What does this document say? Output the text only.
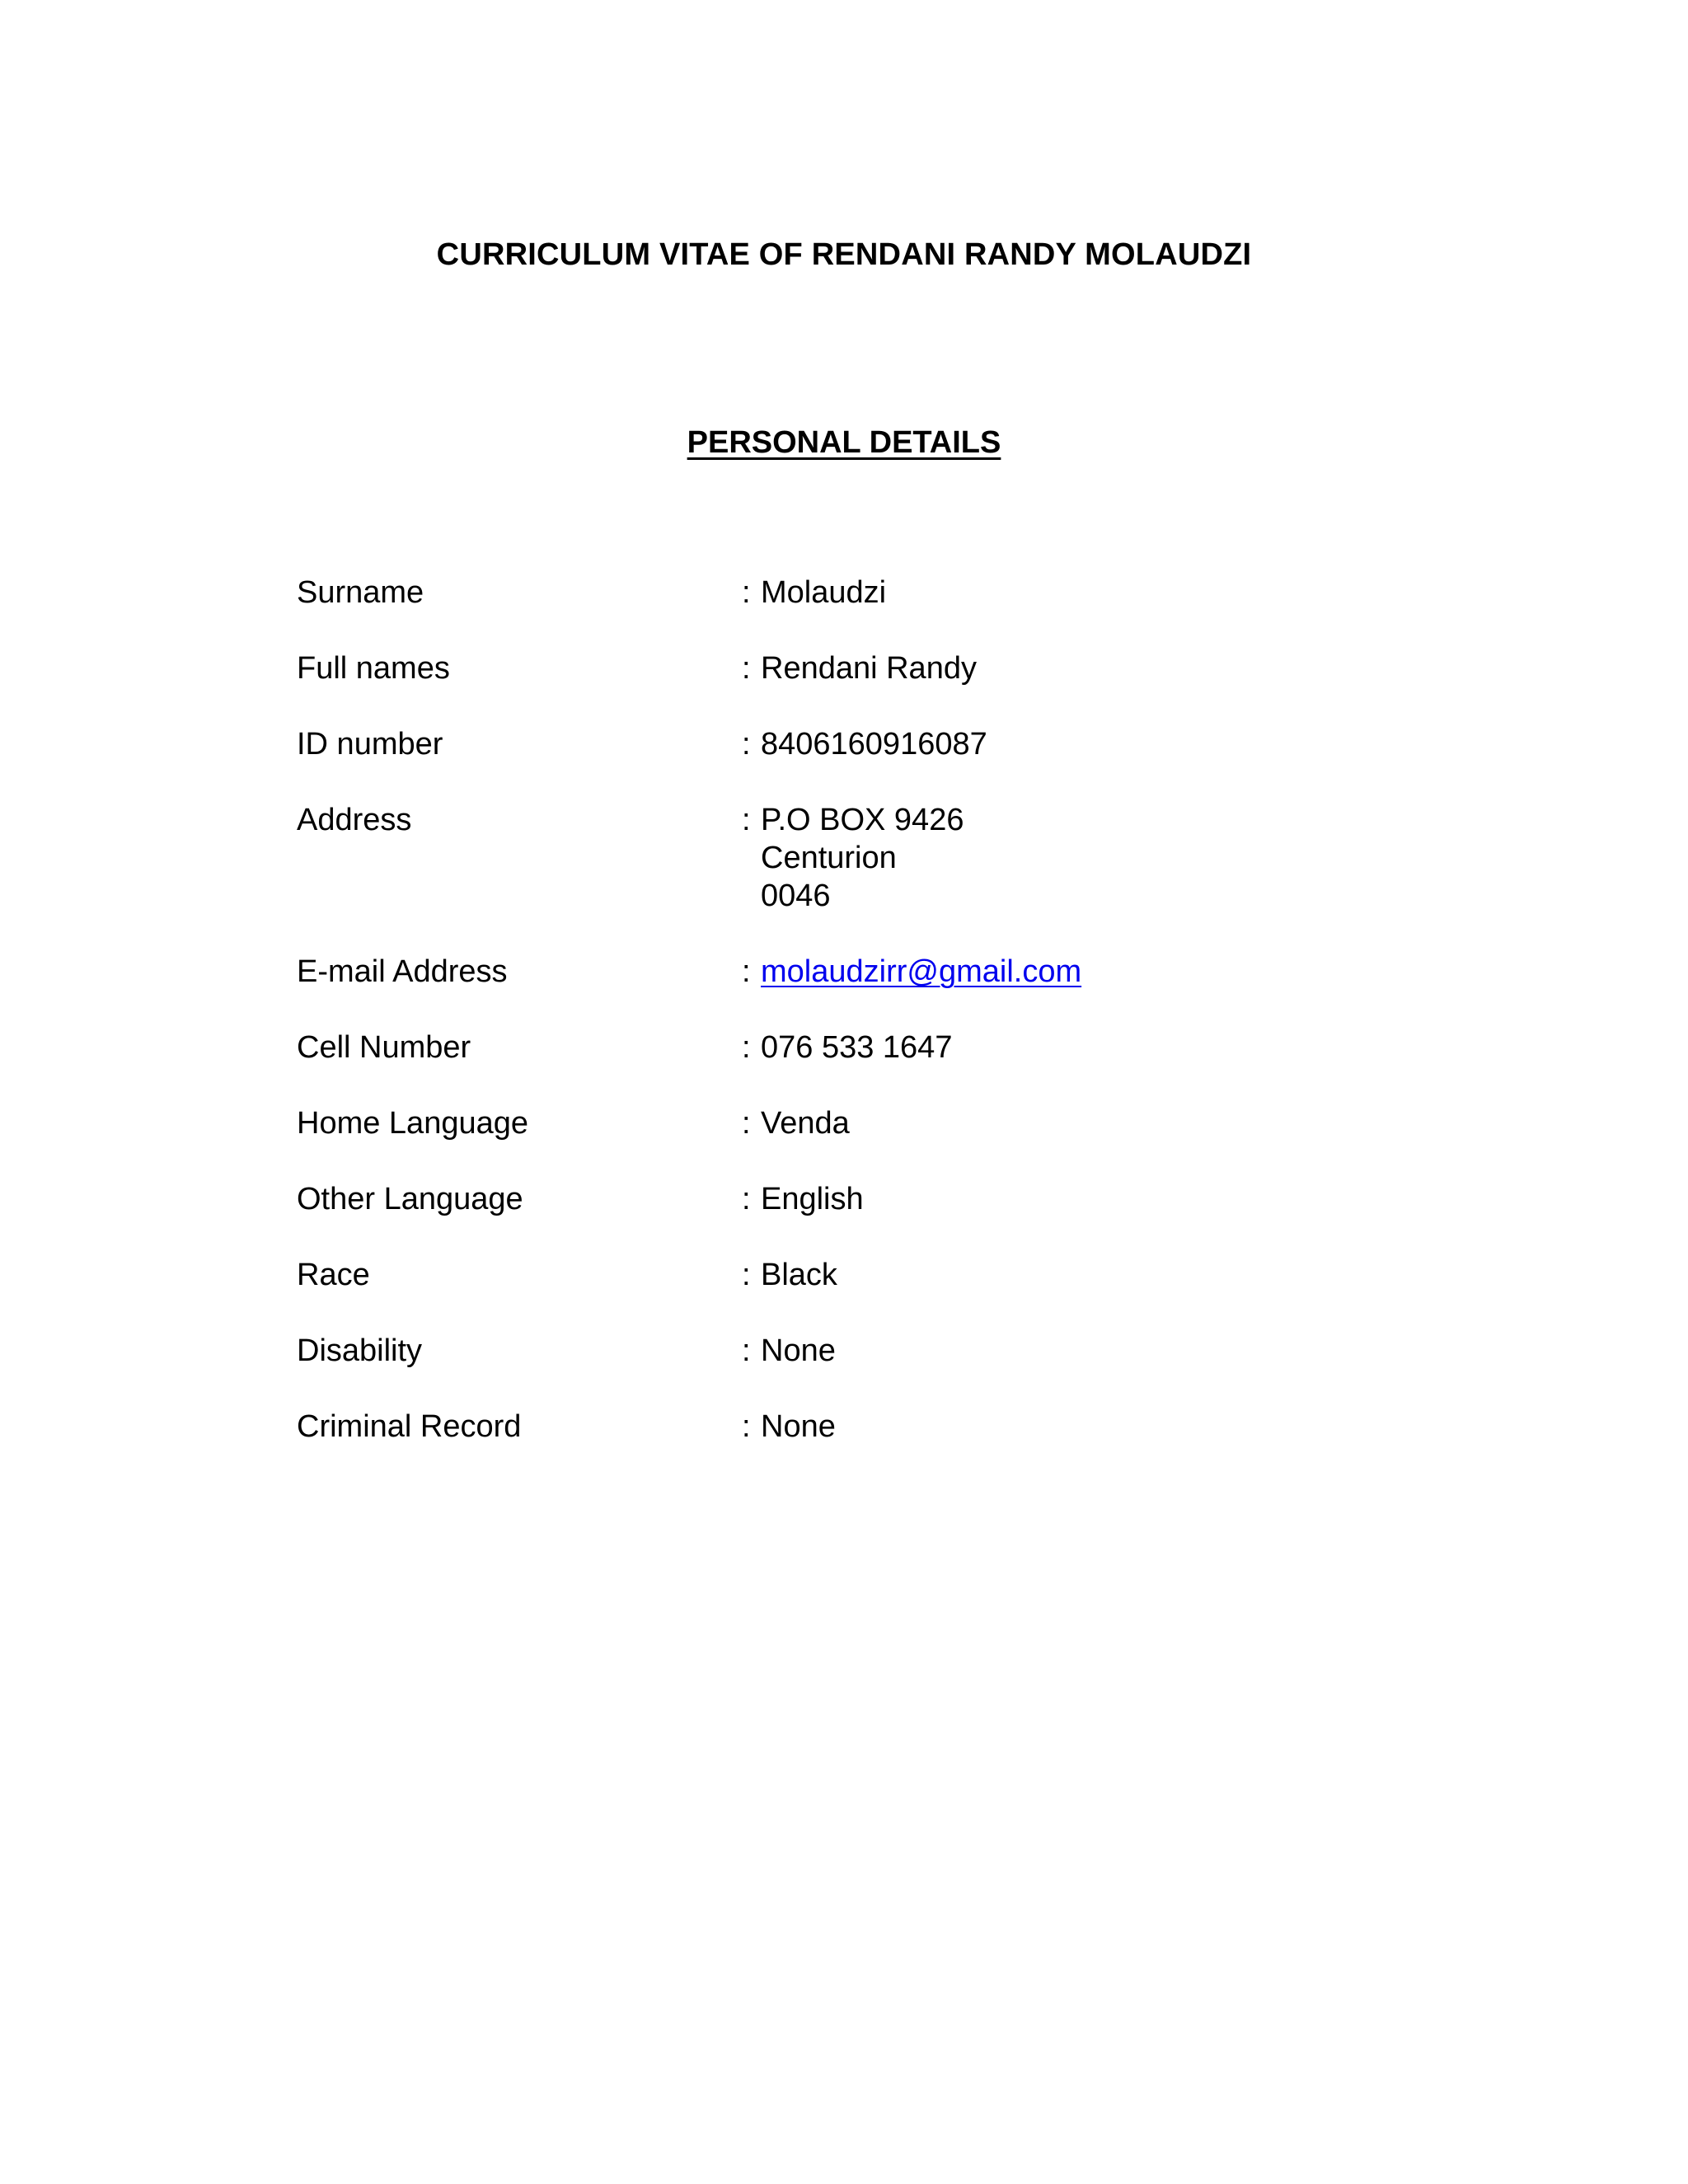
CURRICULUM VITAE OF RENDANI RANDY MOLAUDZI
PERSONAL DETAILS
Surname	: Molaudzi
Full names	: Rendani Randy
ID number	: 8406160916087
Address	: P.O BOX 9426
Centurion
0046
E-mail Address	: molaudzirr@gmail.com
Cell Number	: 076 533 1647
Home Language	: Venda
Other Language	: English
Race	: Black
Disability	: None
Criminal Record	: None
